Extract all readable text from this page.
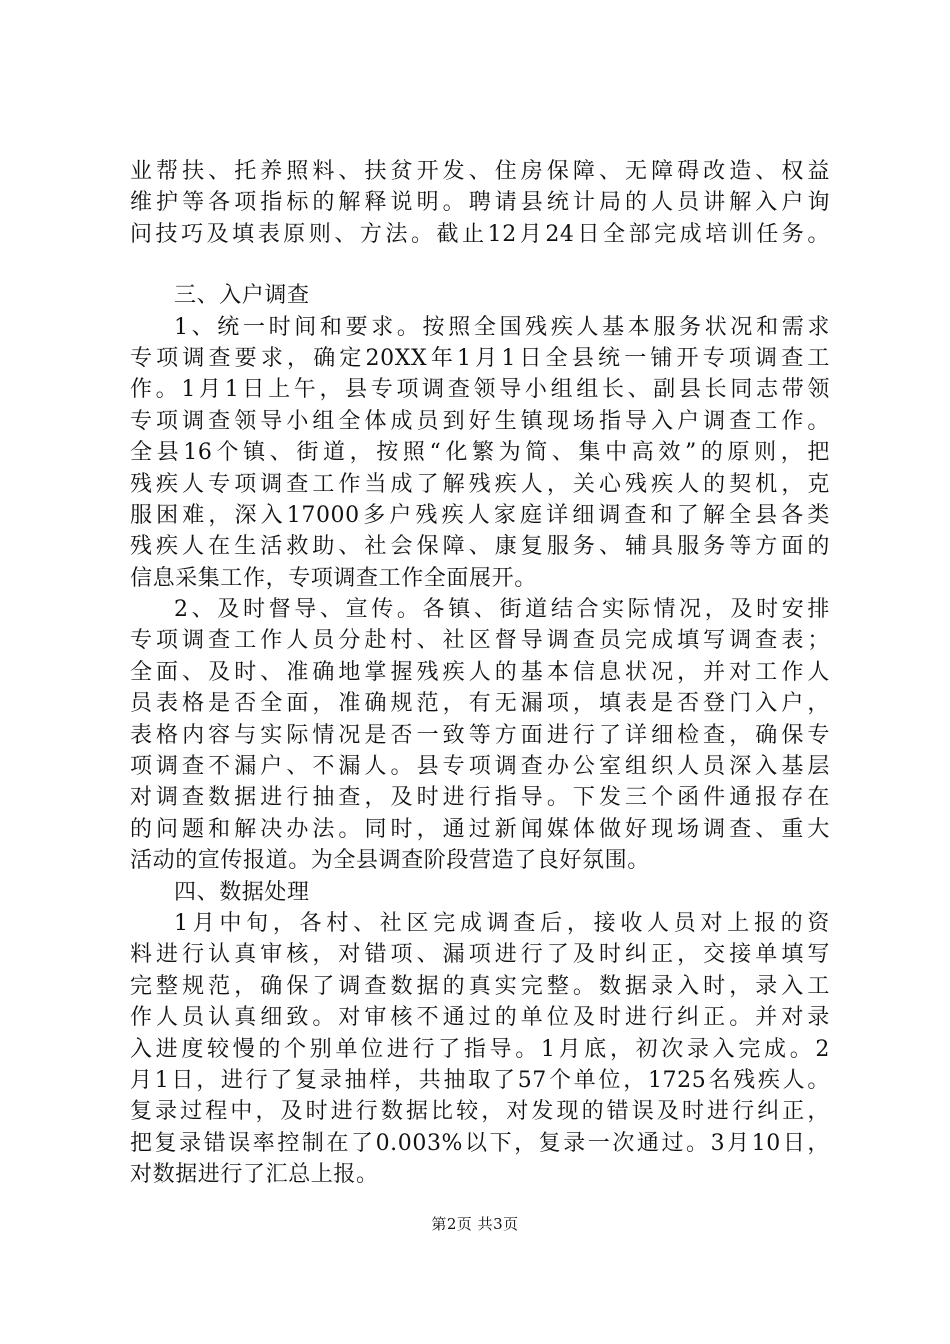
业帮扶、托养照料、扶贫开发、住房保障、无障碍改造、权益
维护等各项指标的解释说明。聘请县统计局的人员讲解入户询
问技巧及填表原则、方法。截止12月24日全部完成培训任务。
三、入户调查
1、统一时间和要求。按照全国残疾人基本服务状况和需求
专项调查要求，确定20XX年1月1日全县统一铺开专项调查工
作。1月1日上午，县专项调查领导小组组长、副县长同志带领
专项调查领导小组全体成员到好生镇现场指导入户调查工作。
全县16个镇、街道，按照“化繁为简、集中高效”的原则，把
残疾人专项调查工作当成了解残疾人，关心残疾人的契机，克
服困难，深入17000多户残疾人家庭详细调查和了解全县各类
残疾人在生活救助、社会保障、康复服务、辅具服务等方面的
信息采集工作，专项调查工作全面展开。
2、及时督导、宣传。各镇、街道结合实际情况，及时安排
专项调查工作人员分赴村、社区督导调查员完成填写调查表；
全面、及时、准确地掌握残疾人的基本信息状况，并对工作人
员表格是否全面，准确规范，有无漏项，填表是否登门入户，
表格内容与实际情况是否一致等方面进行了详细检查，确保专
项调查不漏户、不漏人。县专项调查办公室组织人员深入基层
对调查数据进行抽查，及时进行指导。下发三个函件通报存在
的问题和解决办法。同时，通过新闻媒体做好现场调查、重大
活动的宣传报道。为全县调查阶段营造了良好氛围。
四、数据处理
1月中旬，各村、社区完成调查后，接收人员对上报的资
料进行认真审核，对错项、漏项进行了及时纠正，交接单填写
完整规范，确保了调查数据的真实完整。数据录入时，录入工
作人员认真细致。对审核不通过的单位及时进行纠正。并对录
入进度较慢的个别单位进行了指导。1月底，初次录入完成。2
月1日，进行了复录抽样，共抽取了57个单位，1725名残疾人。
复录过程中，及时进行数据比较，对发现的错误及时进行纠正，
把复录错误率控制在了0.003%以下，复录一次通过。3月10日，
对数据进行了汇总上报。
第2页 共3页
